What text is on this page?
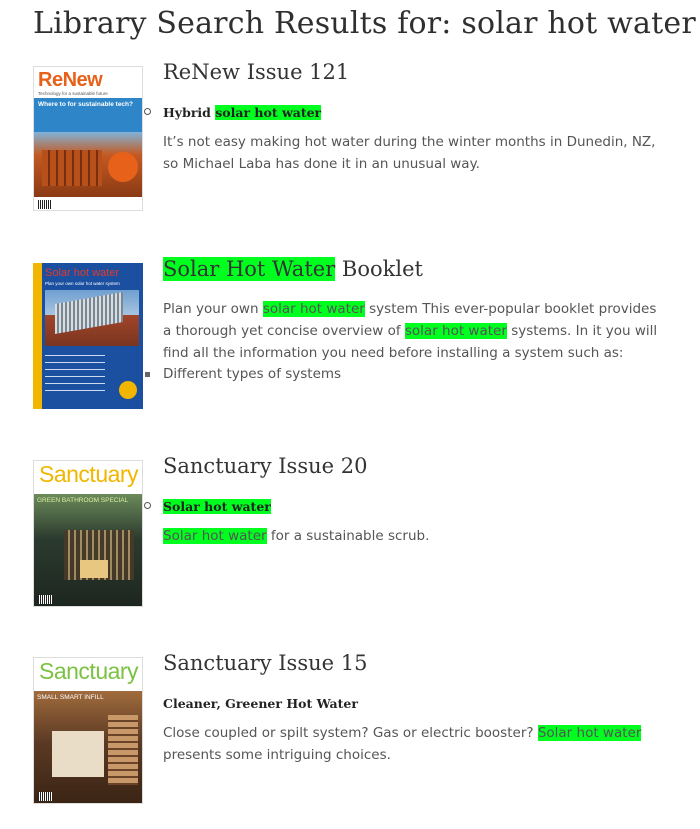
Library Search Results for: solar hot water
ReNew
Technology for a sustainable future
Where to for sustainable tech?
ReNew Issue 121

Hybrid solar hot water

It’s not easy making hot water during the winter months in Dunedin, NZ, so Michael Laba has done it in an unusual way.

Solar hot water
Plan your own solar hot water system
Solar Hot Water Booklet

Plan your own solar hot water system This ever-popular booklet provides a thorough yet concise overview of solar hot water systems. In it you will find all the information you need before installing a system such as:

Different types of systems

Sanctuary
GREEN BATHROOM SPECIAL
Sanctuary Issue 20

Solar hot water

Solar hot water for a sustainable scrub.

Sanctuary
SMALL SMART INFILL
Sanctuary Issue 15

Cleaner, Greener Hot Water

Close coupled or spilt system? Gas or electric booster? Solar hot water presents some intriguing choices.
